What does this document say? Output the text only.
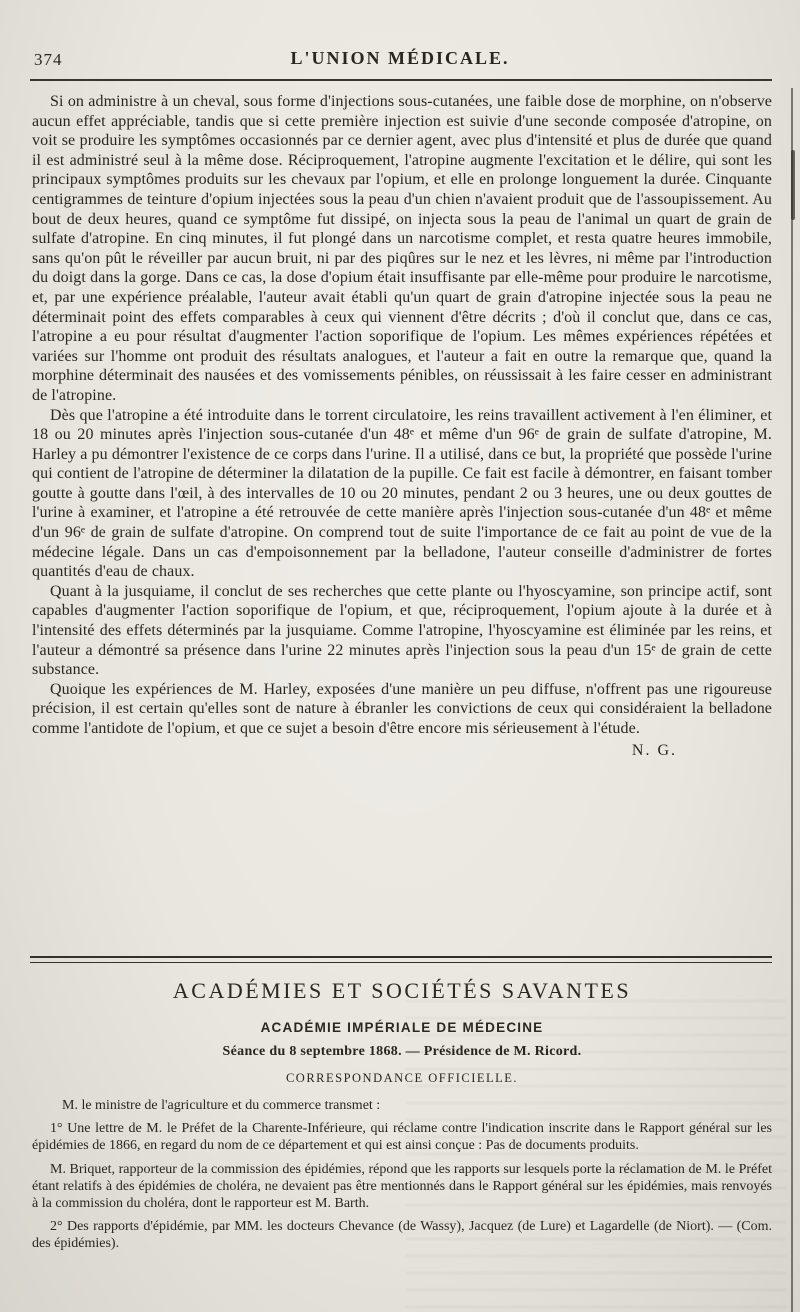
374	L'UNION MÉDICALE.

Si on administre à un cheval, sous forme d'injections sous-cutanées, une faible dose de morphine, on n'observe aucun effet appréciable, tandis que si cette première injection est suivie d'une seconde composée d'atropine, on voit se produire les symptômes occasionnés par ce dernier agent, avec plus d'intensité et plus de durée que quand il est administré seul à la même dose. Réciproquement, l'atropine augmente l'excitation et le délire, qui sont les principaux symptômes produits sur les chevaux par l'opium, et elle en prolonge longuement la durée. Cinquante centigrammes de teinture d'opium injectées sous la peau d'un chien n'avaient produit que de l'assoupissement. Au bout de deux heures, quand ce symptôme fut dissipé, on injecta sous la peau de l'animal un quart de grain de sulfate d'atropine. En cinq minutes, il fut plongé dans un narcotisme complet, et resta quatre heures immobile, sans qu'on pût le réveiller par aucun bruit, ni par des piqûres sur le nez et les lèvres, ni même par l'introduction du doigt dans la gorge. Dans ce cas, la dose d'opium était insuffisante par elle-même pour produire le narcotisme, et, par une expérience préalable, l'auteur avait établi qu'un quart de grain d'atropine injectée sous la peau ne déterminait point des effets comparables à ceux qui viennent d'être décrits ; d'où il conclut que, dans ce cas, l'atropine a eu pour résultat d'augmenter l'action soporifique de l'opium. Les mêmes expériences répétées et variées sur l'homme ont produit des résultats analogues, et l'auteur a fait en outre la remarque que, quand la morphine déterminait des nausées et des vomissements pénibles, on réussissait à les faire cesser en administrant de l'atropine.

Dès que l'atropine a été introduite dans le torrent circulatoire, les reins travaillent activement à l'en éliminer, et 18 ou 20 minutes après l'injection sous-cutanée d'un 48ᵉ et même d'un 96ᵉ de grain de sulfate d'atropine, M. Harley a pu démontrer l'existence de ce corps dans l'urine. Il a utilisé, dans ce but, la propriété que possède l'urine qui contient de l'atropine de déterminer la dilatation de la pupille. Ce fait est facile à démontrer, en faisant tomber goutte à goutte dans l'œil, à des intervalles de 10 ou 20 minutes, pendant 2 ou 3 heures, une ou deux gouttes de l'urine à examiner, et l'atropine a été retrouvée de cette manière après l'injection sous-cutanée d'un 48ᵉ et même d'un 96ᵉ de grain de sulfate d'atropine. On comprend tout de suite l'importance de ce fait au point de vue de la médecine légale. Dans un cas d'empoisonnement par la belladone, l'auteur conseille d'administrer de fortes quantités d'eau de chaux.

Quant à la jusquiame, il conclut de ses recherches que cette plante ou l'hyoscyamine, son principe actif, sont capables d'augmenter l'action soporifique de l'opium, et que, réciproquement, l'opium ajoute à la durée et à l'intensité des effets déterminés par la jusquiame. Comme l'atropine, l'hyoscyamine est éliminée par les reins, et l'auteur a démontré sa présence dans l'urine 22 minutes après l'injection sous la peau d'un 15ᵉ de grain de cette substance.

Quoique les expériences de M. Harley, exposées d'une manière un peu diffuse, n'offrent pas une rigoureuse précision, il est certain qu'elles sont de nature à ébranler les convictions de ceux qui considéraient la belladone comme l'antidote de l'opium, et que ce sujet a besoin d'être encore mis sérieusement à l'étude.

N. G.
ACADÉMIES ET SOCIÉTÉS SAVANTES
ACADÉMIE IMPÉRIALE DE MÉDECINE

Séance du 8 septembre 1868. — Présidence de M. Ricord.

CORRESPONDANCE OFFICIELLE.

M. le ministre de l'agriculture et du commerce transmet :

1° Une lettre de M. le Préfet de la Charente-Inférieure, qui réclame contre l'indication inscrite dans le Rapport général sur les épidémies de 1866, en regard du nom de ce département et qui est ainsi conçue : Pas de documents produits.

M. Briquet, rapporteur de la commission des épidémies, répond que les rapports sur lesquels porte la réclamation de M. le Préfet étant relatifs à des épidémies de choléra, ne devaient pas être mentionnés dans le Rapport général sur les épidémies, mais renvoyés à la commission du choléra, dont le rapporteur est M. Barth.

2° Des rapports d'épidémie, par MM. les docteurs Chevance (de Wassy), Jacquez (de Lure) et Lagardelle (de Niort). — (Com. des épidémies).
